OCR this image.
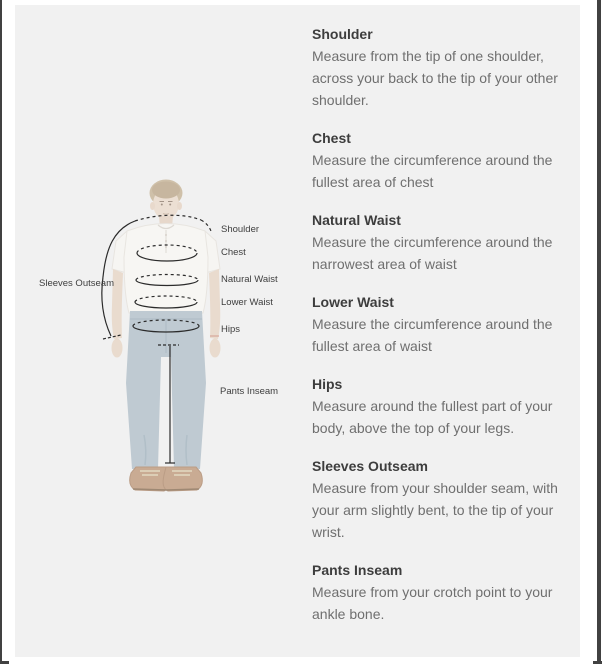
Shoulder
Chest
Natural Waist
Lower Waist
Hips
Sleeves Outseam
Pants Inseam
Shoulder

Measure from the tip of one shoulder, across your back to the tip of your other shoulder.

Chest

Measure the circumference around the fullest area of chest

Natural Waist

Measure the circumference around the narrowest area of waist

Lower Waist

Measure the circumference around the fullest area of waist

Hips

Measure around the fullest part of your body, above the top of your legs.

Sleeves Outseam

Measure from your shoulder seam, with your arm slightly bent, to the tip of your wrist.

Pants Inseam

Measure from your crotch point to your ankle bone.
